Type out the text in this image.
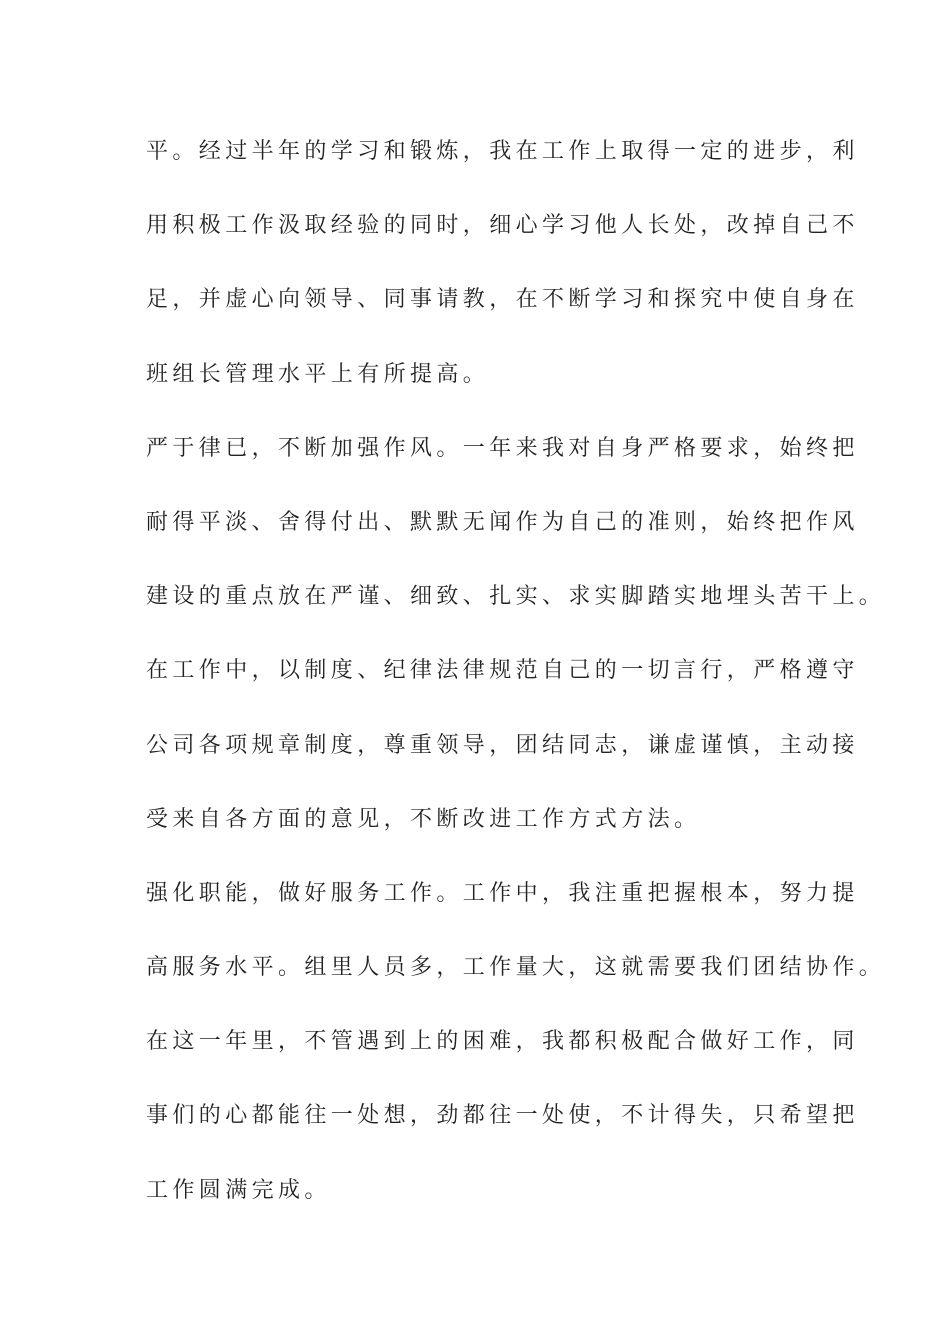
平。经过半年的学习和锻炼，我在工作上取得一定的进步，利
用积极工作汲取经验的同时，细心学习他人长处，改掉自己不
足，并虚心向领导、同事请教，在不断学习和探究中使自身在
班组长管理水平上有所提高。
严于律已，不断加强作风。一年来我对自身严格要求，始终把
耐得平淡、舍得付出、默默无闻作为自己的准则，始终把作风
建设的重点放在严谨、细致、扎实、求实脚踏实地埋头苦干上。
在工作中，以制度、纪律法律规范自己的一切言行，严格遵守
公司各项规章制度，尊重领导，团结同志，谦虚谨慎，主动接
受来自各方面的意见，不断改进工作方式方法。
强化职能，做好服务工作。工作中，我注重把握根本，努力提
高服务水平。组里人员多，工作量大，这就需要我们团结协作。
在这一年里，不管遇到上的困难，我都积极配合做好工作，同
事们的心都能往一处想，劲都往一处使，不计得失，只希望把
工作圆满完成。
